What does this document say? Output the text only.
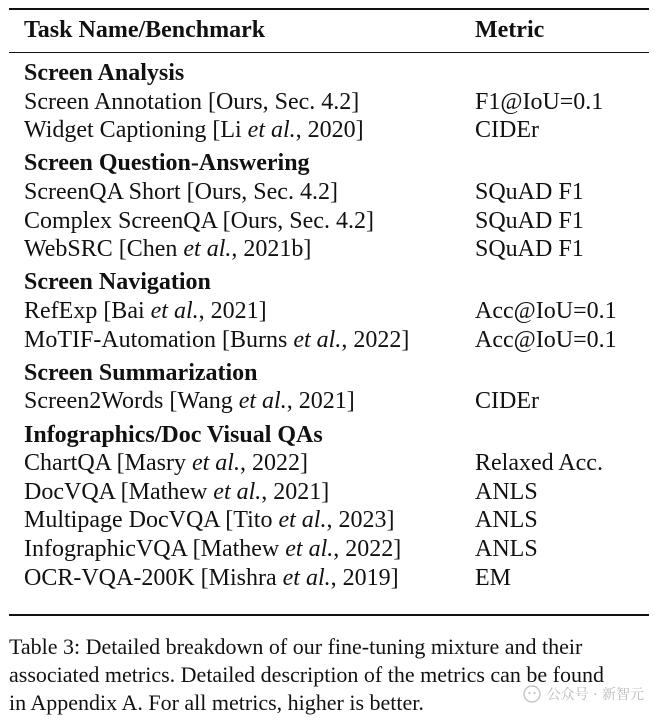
Task Name/Benchmark	Metric
Screen Analysis
Screen Annotation [Ours, Sec. 4.2]	F1@IoU=0.1
Widget Captioning [Li et al., 2020]	CIDEr
Screen Question-Answering
ScreenQA Short [Ours, Sec. 4.2]	SQuAD F1
Complex ScreenQA [Ours, Sec. 4.2]	SQuAD F1
WebSRC [Chen et al., 2021b]	SQuAD F1
Screen Navigation
RefExp [Bai et al., 2021]	Acc@IoU=0.1
MoTIF-Automation [Burns et al., 2022]	Acc@IoU=0.1
Screen Summarization
Screen2Words [Wang et al., 2021]	CIDEr
Infographics/Doc Visual QAs
ChartQA [Masry et al., 2022]	Relaxed Acc.
DocVQA [Mathew et al., 2021]	ANLS
Multipage DocVQA [Tito et al., 2023]	ANLS
InfographicVQA [Mathew et al., 2022]	ANLS
OCR-VQA-200K [Mishra et al., 2019]	EM

Table 3: Detailed breakdown of our fine-tuning mixture and their

associated metrics. Detailed description of the metrics can be found

in Appendix A. For all metrics, higher is better.	公众号 · 新智元
